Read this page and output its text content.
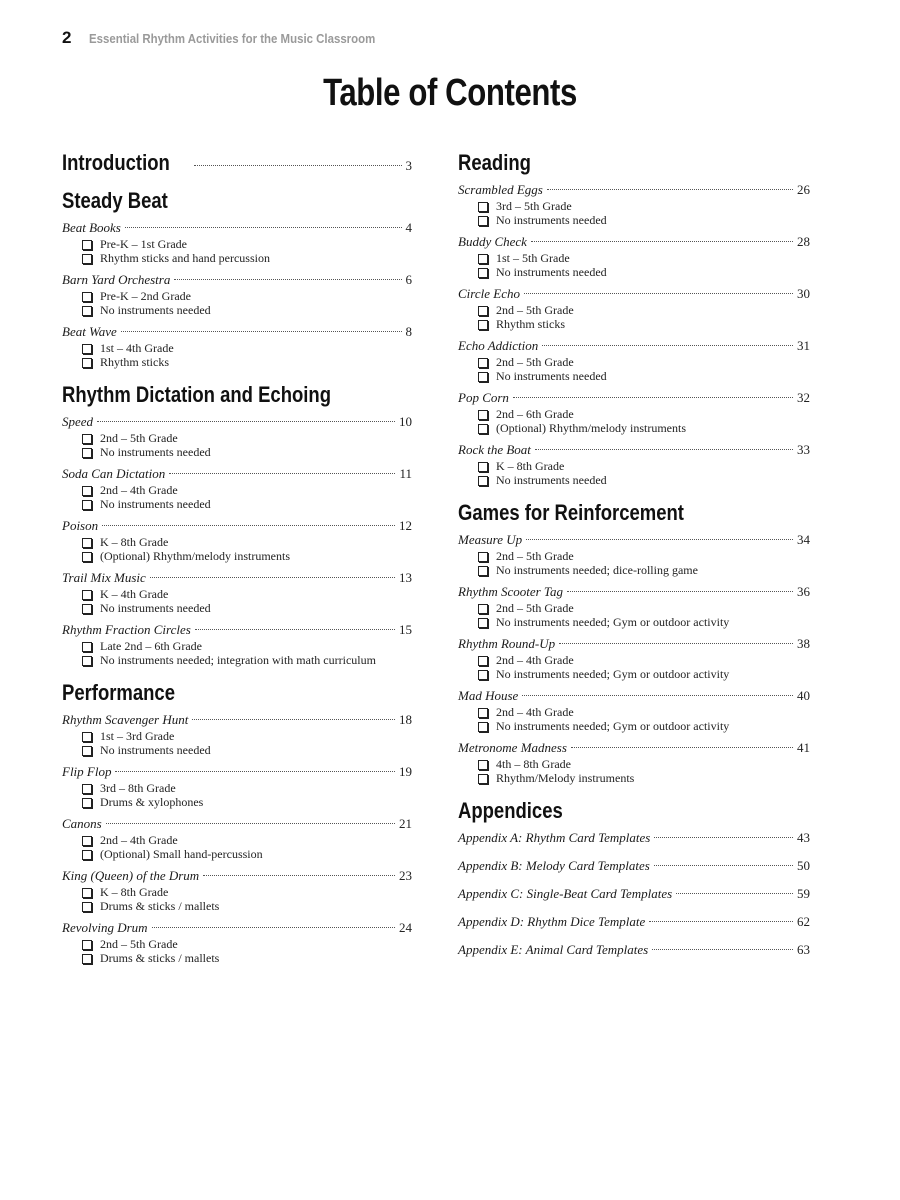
2 Essential Rhythm Activities for the Music Classroom
Table of Contents
Introduction	3
Steady Beat
Beat Books	4
Pre-K – 1st Grade
Rhythm sticks and hand percussion
Barn Yard Orchestra	6
Pre-K – 2nd Grade
No instruments needed
Beat Wave	8
1st – 4th Grade
Rhythm sticks
Rhythm Dictation and Echoing
Speed	10
2nd – 5th Grade
No instruments needed
Soda Can Dictation	11
2nd – 4th Grade
No instruments needed
Poison	12
K – 8th Grade
(Optional) Rhythm/melody instruments
Trail Mix Music	13
K – 4th Grade
No instruments needed
Rhythm Fraction Circles	15
Late 2nd – 6th Grade
No instruments needed; integration with math curriculum
Performance
Rhythm Scavenger Hunt	18
1st – 3rd Grade
No instruments needed
Flip Flop	19
3rd – 8th Grade
Drums & xylophones
Canons	21
2nd – 4th Grade
(Optional) Small hand-percussion
King (Queen) of the Drum	23
K – 8th Grade
Drums & sticks / mallets
Revolving Drum	24
2nd – 5th Grade
Drums & sticks / mallets
Reading
Scrambled Eggs	26
3rd – 5th Grade
No instruments needed
Buddy Check	28
1st – 5th Grade
No instruments needed
Circle Echo	30
2nd – 5th Grade
Rhythm sticks
Echo Addiction	31
2nd – 5th Grade
No instruments needed
Pop Corn	32
2nd – 6th Grade
(Optional) Rhythm/melody instruments
Rock the Boat	33
K – 8th Grade
No instruments needed
Games for Reinforcement
Measure Up	34
2nd – 5th Grade
No instruments needed; dice-rolling game
Rhythm Scooter Tag	36
2nd – 5th Grade
No instruments needed; Gym or outdoor activity
Rhythm Round-Up	38
2nd – 4th Grade
No instruments needed; Gym or outdoor activity
Mad House	40
2nd – 4th Grade
No instruments needed; Gym or outdoor activity
Metronome Madness	41
4th – 8th Grade
Rhythm/Melody instruments
Appendices
Appendix A: Rhythm Card Templates	43
Appendix B: Melody Card Templates	50
Appendix C: Single-Beat Card Templates	59
Appendix D: Rhythm Dice Template	62
Appendix E: Animal Card Templates	63
